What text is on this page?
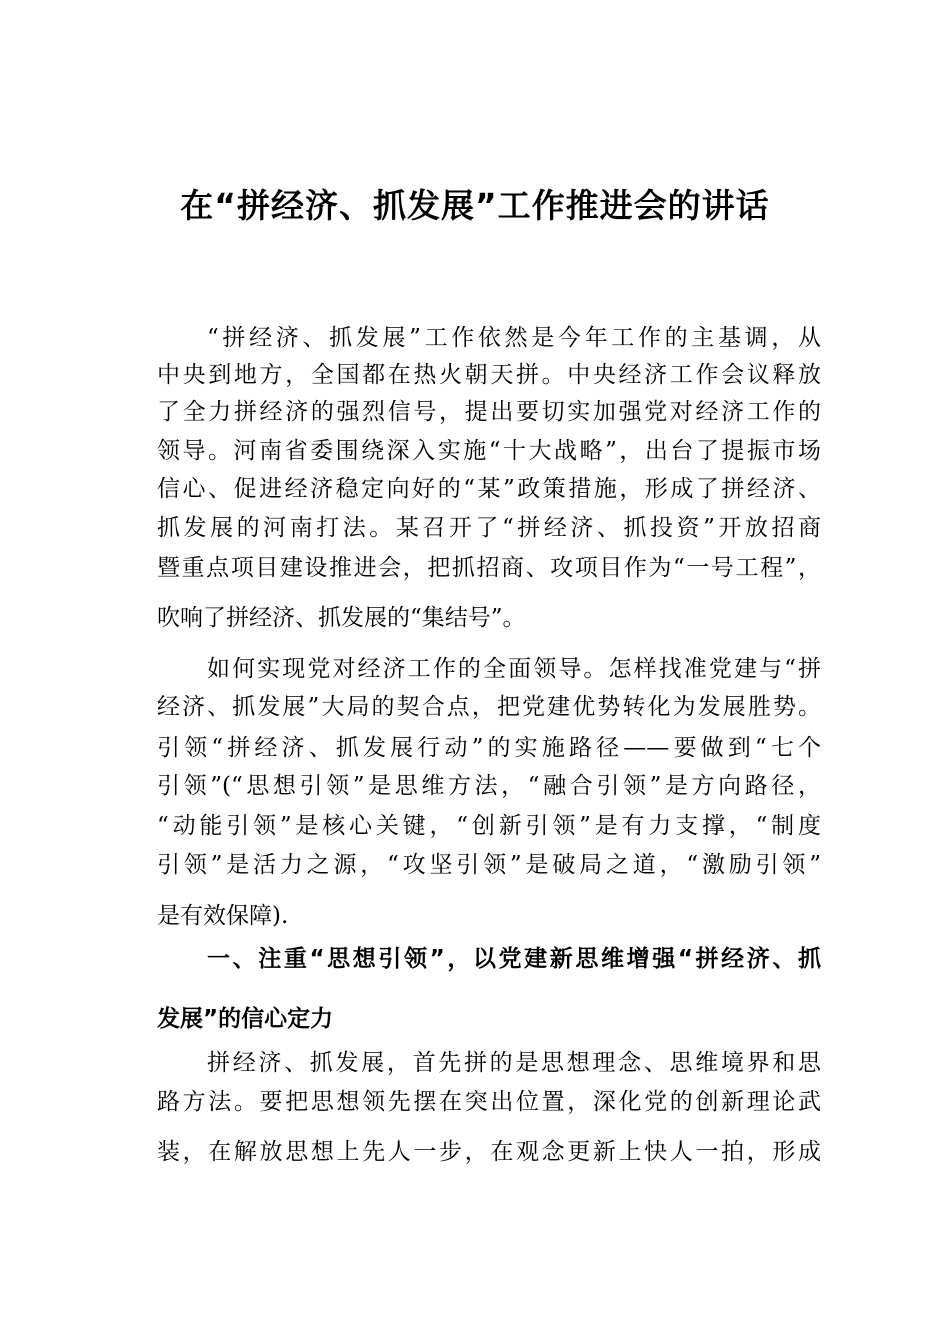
在“拼经济、抓发展”工作推进会的讲话

“拼经济、抓发展”工作依然是今年工作的主基调，从

中央到地方，全国都在热火朝天拼。中央经济工作会议释放

了全力拼经济的强烈信号，提出要切实加强党对经济工作的

领导。河南省委围绕深入实施“十大战略”，出台了提振市场

信心、促进经济稳定向好的“某”政策措施，形成了拼经济、

抓发展的河南打法。某召开了“拼经济、抓投资”开放招商

暨重点项目建设推进会，把抓招商、攻项目作为“一号工程”，

吹响了拼经济、抓发展的“集结号”。

如何实现党对经济工作的全面领导。怎样找准党建与“拼

经济、抓发展”大局的契合点，把党建优势转化为发展胜势。

引领“拼经济、抓发展行动”的实施路径——要做到“七个

引领”(“思想引领”是思维方法，“融合引领”是方向路径，

“动能引领”是核心关键，“创新引领”是有力支撑，“制度

引领”是活力之源，“攻坚引领”是破局之道，“激励引领”

是有效保障).

一、注重“思想引领”，以党建新思维增强“拼经济、抓

发展”的信心定力

拼经济、抓发展，首先拼的是思想理念、思维境界和思

路方法。要把思想领先摆在突出位置，深化党的创新理论武

装，在解放思想上先人一步，在观念更新上快人一拍，形成
